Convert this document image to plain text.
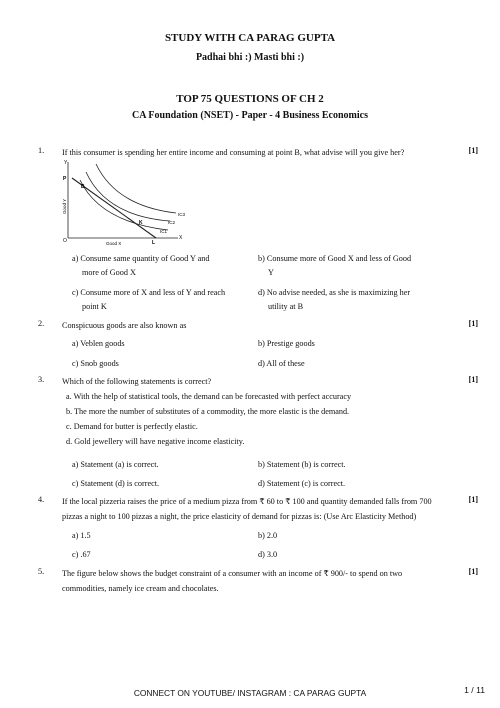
STUDY WITH CA PARAG GUPTA
Padhai bhi :) Masti bhi :)
TOP 75 QUESTIONS OF CH 2
CA Foundation (NSET) - Paper - 4 Business Economics
1. If this consumer is spending her entire income and consuming at point B, what advise will you give her?	[1]
Y
X
O
Good Y
Good X
P
B
K
L
IC1
IC2
IC3
a) Consume same quantity of Good Y and
more of Good X
b) Consume more of Good X and less of Good
Y
c) Consume more of X and less of Y and reach
point K
d) No advise needed, as she is maximizing her
utility at B
2. Conspicuous goods are also known as	[1]
a) Veblen goods	b) Prestige goods
c) Snob goods	d) All of these
3. Which of the following statements is correct?	[1]
a. With the help of statistical tools, the demand can be forecasted with perfect accuracy
b. The more the number of substitutes of a commodity, the more elastic is the demand.
c. Demand for butter is perfectly elastic.
d. Gold jewellery will have negative income elasticity.
a) Statement (a) is correct.	b) Statement (b) is correct.
c) Statement (d) is correct.	d) Statement (c) is correct.
4. If the local pizzeria raises the price of a medium pizza from ₹ 60 to ₹ 100 and quantity demanded falls from 700
pizzas a night to 100 pizzas a night, the price elasticity of demand for pizzas is: (Use Arc Elasticity Method)
[1]
a) 1.5	b) 2.0
c) .67	d) 3.0
5. The figure below shows the budget constraint of a consumer with an income of ₹ 900/- to spend on two
commodities, namely ice cream and chocolates.
[1]
CONNECT ON YOUTUBE/ INSTAGRAM : CA PARAG GUPTA	1 / 11
